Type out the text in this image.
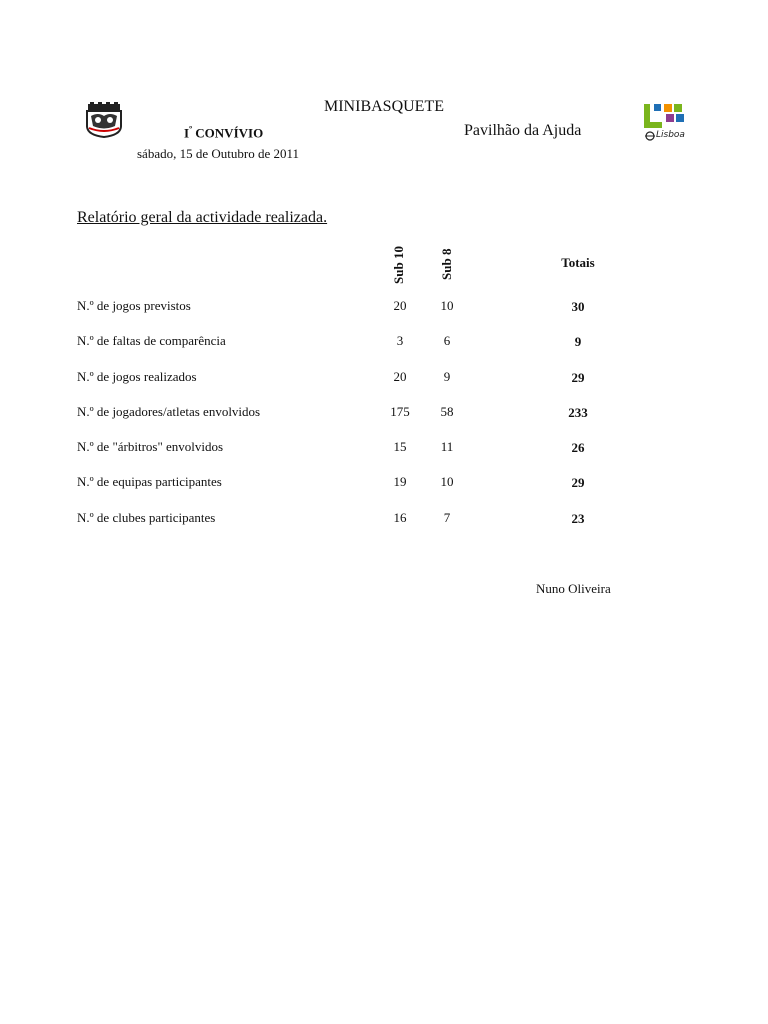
MINIBASQUETE
$I^º$ CONVÍVIO	Pavilhão da Ajuda
sábado, 15 de Outubro de 2011
Lisboa
Relatório geral da actividade realizada.
Sub 10	Sub 8	Totais
N.º de jogos previstos	20	10	30
N.º de faltas de comparência	3	6	9
N.º de jogos realizados	20	9	29
N.º de jogadores/atletas envolvidos	175	58	233
N.º de "árbitros" envolvidos	15	11	26
N.º de equipas participantes	19	10	29
N.º de clubes participantes	16	7	23
Nuno Oliveira
